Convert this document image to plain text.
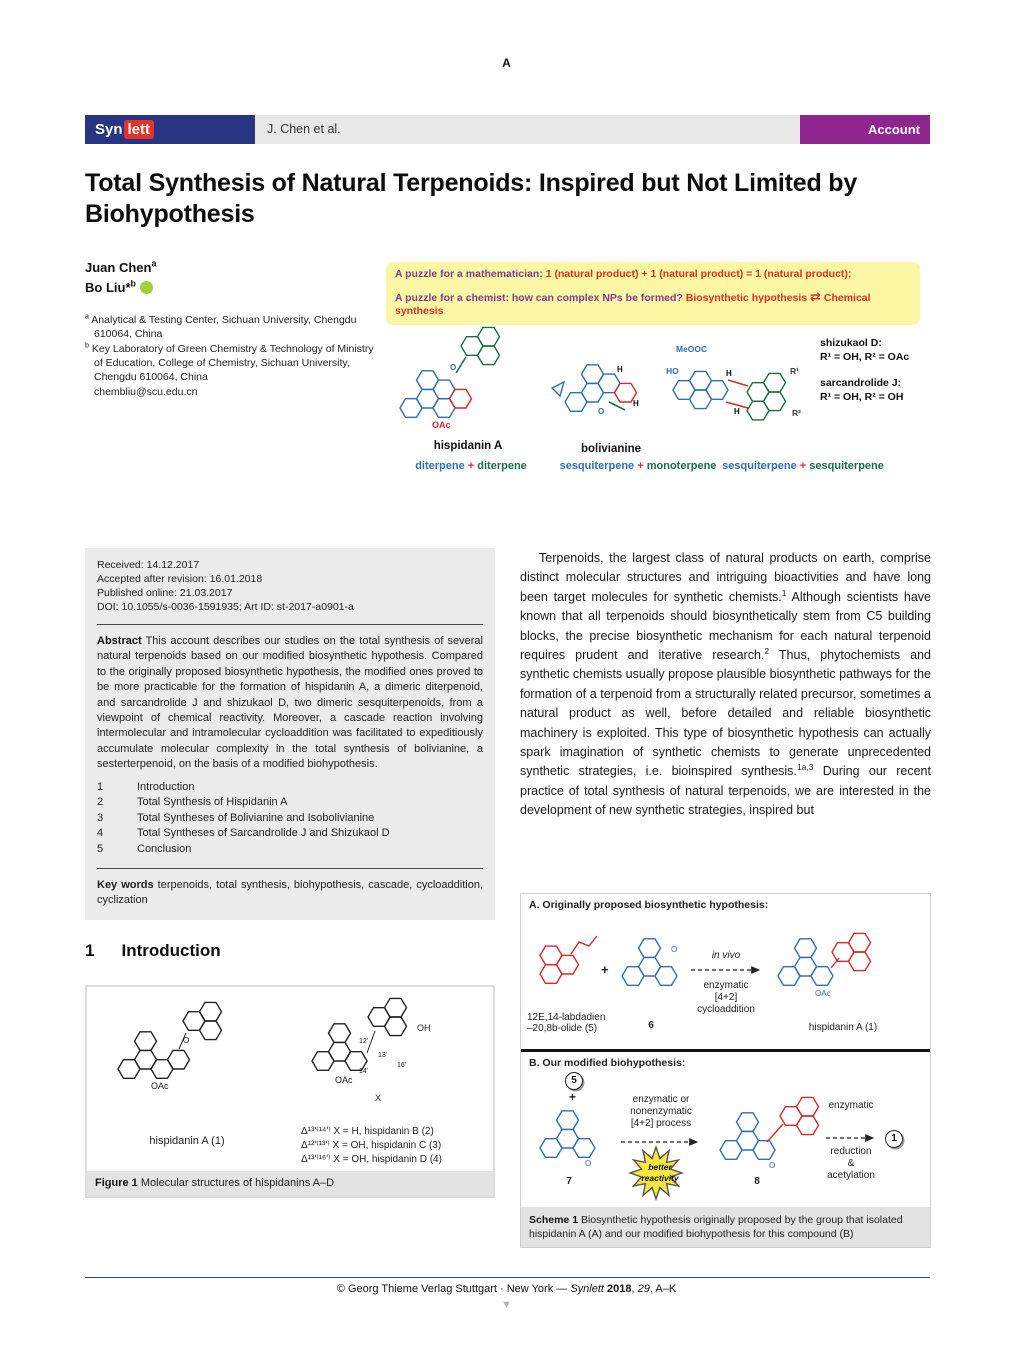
A
Syn lett	J. Chen et al.	Account
Total Synthesis of Natural Terpenoids: Inspired but Not Limited by Biohypothesis
Juan Chen$^a$
Bo Liu*$^b$

$^a$ Analytical & Testing Center, Sichuan University, Chengdu 610064, China

$^b$ Key Laboratory of Green Chemistry & Technology of Ministry of Education, College of Chemistry, Sichuan University, Chengdu 610064, China

chembliu@scu.edu.cn
A puzzle for a mathematician: 1 (natural product) + 1 (natural product) = 1 (natural product);
A puzzle for a chemist: how can complex NPs be formed? Biosynthetic hypothesis ⇄ Chemical synthesis
O
OAc
O
H
H
MeOOC
HO	H
H
R¹
R²
hispidanin A	bolivianine
shizukaol D:
R¹ = OH, R² = OAc
sarcandrolide J:
R¹ = OH, R² = OH
diterpene + diterpene	sesquiterpene + monoterpene sesquiterpene + sesquiterpene
Received: 14.12.2017
Accepted after revision: 16.01.2018
Published online: 21.03.2017
DOI: 10.1055/s-0036-1591935; Art ID: st-2017-a0901-a
Abstract This account describes our studies on the total synthesis of several natural terpenoids based on our modified biosynthetic hypothesis. Compared to the originally proposed biosynthetic hypothesis, the modified ones proved to be more practicable for the formation of hispidanin A, a dimeric diterpenoid, and sarcandrolide J and shizukaol D, two dimeric sesquiterpenoids, from a viewpoint of chemical reactivity. Moreover, a cascade reaction involving intermolecular and intramolecular cycloaddition was facilitated to expeditiously accumulate molecular complexity in the total synthesis of bolivianine, a sesterterpenoid, on the basis of a modified biohypothesis.
1	Introduction
2	Total Synthesis of Hispidanin A
3	Total Syntheses of Bolivianine and Isobolivianine
4	Total Syntheses of Sarcandrolide J and Shizukaol D
5	Conclusion
Key words terpenoids, total synthesis, biohypothesis, cascade, cycloaddition, cyclization
1 Introduction
O
OAc
OH
OAc
X
12ʹ
13ʹ
14ʹ
16ʹ
hispidanin A (1)
Δ¹³ʹ⁽¹⁴ʹ⁾ X = H, hispidanin B (2)
Δ¹²ʹ⁽¹³ʹ⁾ X = OH, hispidanin C (3)
Δ¹³ʹ⁽¹⁶ʹ⁾ X = OH, hispidanin D (4)
Figure 1 Molecular structures of hispidanins A–D

Terpenoids, the largest class of natural products on earth, comprise distinct molecular structures and intriguing bioactivities and have long been target molecules for synthetic chemists.$^1$ Although scientists have known that all terpenoids should biosynthetically stem from C5 building blocks, the precise biosynthetic mechanism for each natural terpenoid requires prudent and iterative research.$^2$ Thus, phytochemists and synthetic chemists usually propose plausible biosynthetic pathways for the formation of a terpenoid from a structurally related precursor, sometimes a natural product as well, before detailed and reliable biosynthetic machinery is exploited. This type of biosynthetic hypothesis can actually spark imagination of synthetic chemists to generate unprecedented synthetic strategies, i.e. bioinspired synthesis.$^{1a,3}$ During our recent practice of total synthesis of natural terpenoids, we are interested in the development of new synthetic strategies, inspired but

A. Originally proposed biosynthetic hypothesis:
O
OAc
12E,14-labdadien
–20,8b-olide (5)
+
6
in vivo
enzymatic
[4+2]
cycloaddition
hispidanin A (1)
B. Our modified biohypothesis:
O	O
5
+
7
enzymatic or
nonenzymatic
[4+2] process
better
reactivity	8
enzymatic
reduction
&
acetylation
1
Scheme 1 Biosynthetic hypothesis originally proposed by the group that isolated hispidanin A (A) and our modified biohypothesis for this compound (B)
© Georg Thieme Verlag Stuttgart · New York — Synlett 2018, 29, A–K
▼
